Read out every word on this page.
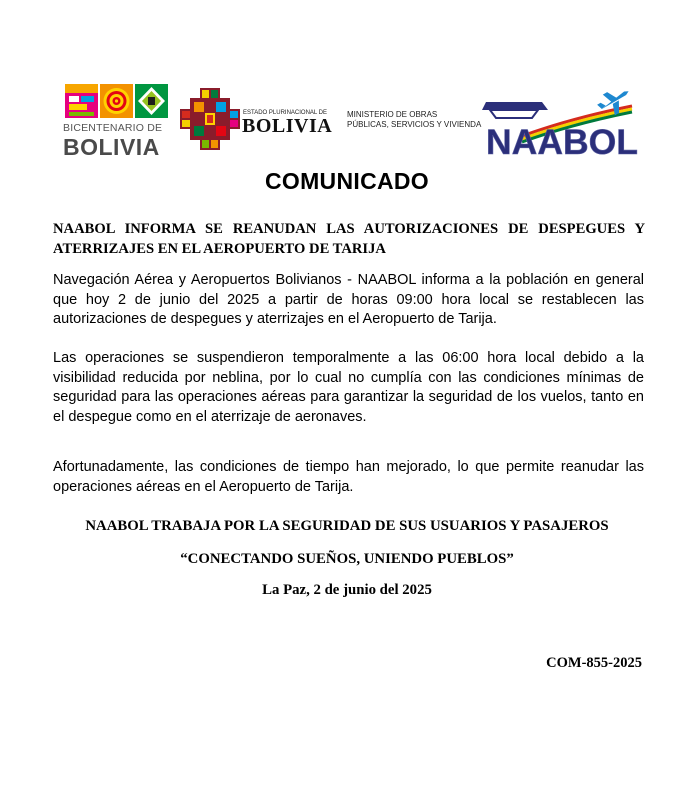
BICENTENARIO DE
BOLIVIA
ESTADO PLURINACIONAL DE
BOLIVIA
MINISTERIO DE OBRAS
PÚBLICAS, SERVICIOS Y VIVIENDA NAABOL
COMUNICADO
NAABOL INFORMA SE REANUDAN LAS AUTORIZACIONES DE DESPEGUES Y ATERRIZAJES EN EL AEROPUERTO DE TARIJA
Navegación Aérea y Aeropuertos Bolivianos - NAABOL informa a la población en general que hoy 2 de junio del 2025 a partir de horas 09:00 hora local se restablecen las autorizaciones de despegues y aterrizajes en el Aeropuerto de Tarija.
Las operaciones se suspendieron temporalmente a las 06:00 hora local debido a la visibilidad reducida por neblina, por lo cual no cumplía con las condiciones mínimas de seguridad para las operaciones aéreas para garantizar la seguridad de los vuelos, tanto en el despegue como en el aterrizaje de aeronaves.
Afortunadamente, las condiciones de tiempo han mejorado, lo que permite reanudar las operaciones aéreas en el Aeropuerto de Tarija.
NAABOL TRABAJA POR LA SEGURIDAD DE SUS USUARIOS Y PASAJEROS
“CONECTANDO SUEÑOS, UNIENDO PUEBLOS”
La Paz, 2 de junio del 2025
COM-855-2025
